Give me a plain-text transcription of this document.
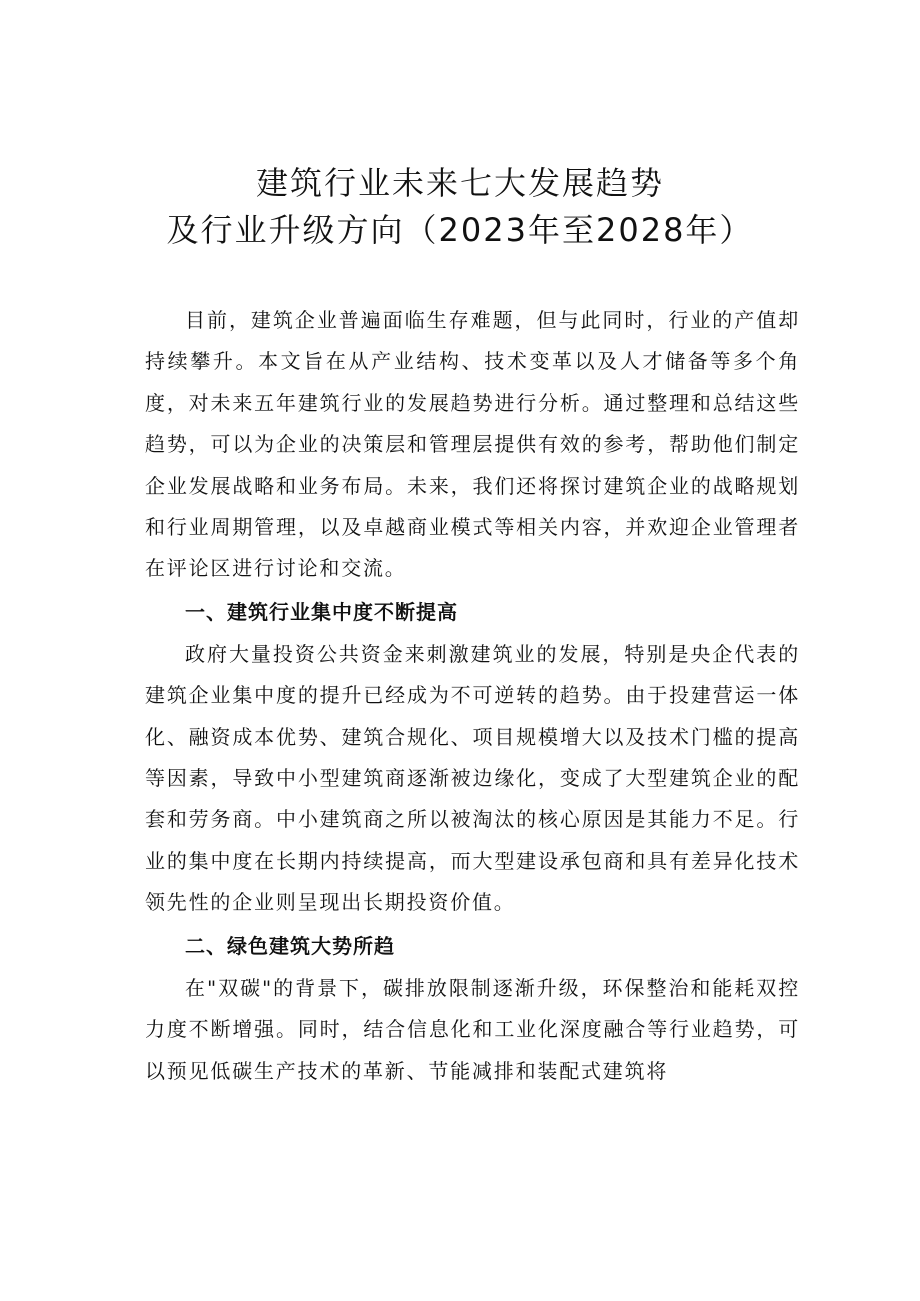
建筑行业未来七大发展趋势
及行业升级方向（2023年至2028年）

目前，建筑企业普遍面临生存难题，但与此同时，行业的产值却持续攀升。本文旨在从产业结构、技术变革以及人才储备等多个角度，对未来五年建筑行业的发展趋势进行分析。通过整理和总结这些趋势，可以为企业的决策层和管理层提供有效的参考，帮助他们制定企业发展战略和业务布局。未来，我们还将探讨建筑企业的战略规划和行业周期管理，以及卓越商业模式等相关内容，并欢迎企业管理者在评论区进行讨论和交流。

一、建筑行业集中度不断提高

政府大量投资公共资金来刺激建筑业的发展，特别是央企代表的建筑企业集中度的提升已经成为不可逆转的趋势。由于投建营运一体化、融资成本优势、建筑合规化、项目规模增大以及技术门槛的提高等因素，导致中小型建筑商逐渐被边缘化，变成了大型建筑企业的配套和劳务商。中小建筑商之所以被淘汰的核心原因是其能力不足。行业的集中度在长期内持续提高，而大型建设承包商和具有差异化技术领先性的企业则呈现出长期投资价值。

二、绿色建筑大势所趋

在"双碳"的背景下，碳排放限制逐渐升级，环保整治和能耗双控力度不断增强。同时，结合信息化和工业化深度融合等行业趋势，可以预见低碳生产技术的革新、节能减排和装配式建筑将
